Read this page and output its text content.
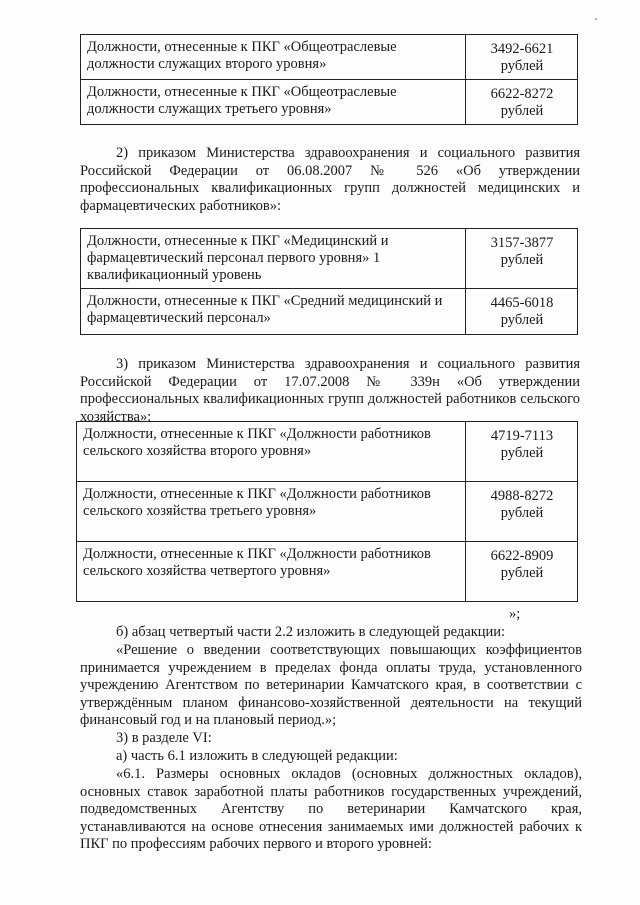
Должности, отнесенные к ПКГ «Общеотраслевые должности служащих второго уровня»	3492-6621 рублей
Должности, отнесенные к ПКГ «Общеотраслевые должности служащих третьего уровня»	6622-8272 рублей
2) приказом Министерства здравоохранения и социального развития Российской Федерации от 06.08.2007 № 526 «Об утверждении профессиональных квалификационных групп должностей медицинских и фармацевтических работников»:
Должности, отнесенные к ПКГ «Медицинский и фармацевтический персонал первого уровня» 1 квалификационный уровень	3157-3877 рублей
Должности, отнесенные к ПКГ «Средний медицинский и фармацевтический персонал»	4465-6018 рублей
3) приказом Министерства здравоохранения и социального развития Российской Федерации от 17.07.2008 № 339н «Об утверждении профессиональных квалификационных групп должностей работников сельского хозяйства»:
Должности, отнесенные к ПКГ «Должности работников сельского хозяйства второго уровня»	4719-7113 рублей
Должности, отнесенные к ПКГ «Должности работников сельского хозяйства третьего уровня»	4988-8272 рублей
Должности, отнесенные к ПКГ «Должности работников сельского хозяйства четвертого уровня»	6622-8909 рублей
»;
б) абзац четвертый части 2.2 изложить в следующей редакции:
«Решение о введении соответствующих повышающих коэффициентов принимается учреждением в пределах фонда оплаты труда, установленного учреждению Агентством по ветеринарии Камчатского края, в соответствии с утверждённым планом финансово-хозяйственной деятельности на текущий финансовый год и на плановый период.»;
3) в разделе VI:
а) часть 6.1 изложить в следующей редакции:
«6.1. Размеры основных окладов (основных должностных окладов), основных ставок заработной платы работников государственных учреждений, подведомственных Агентству по ветеринарии Камчатского края, устанавливаются на основе отнесения занимаемых ими должностей рабочих к ПКГ по профессиям рабочих первого и второго уровней:
